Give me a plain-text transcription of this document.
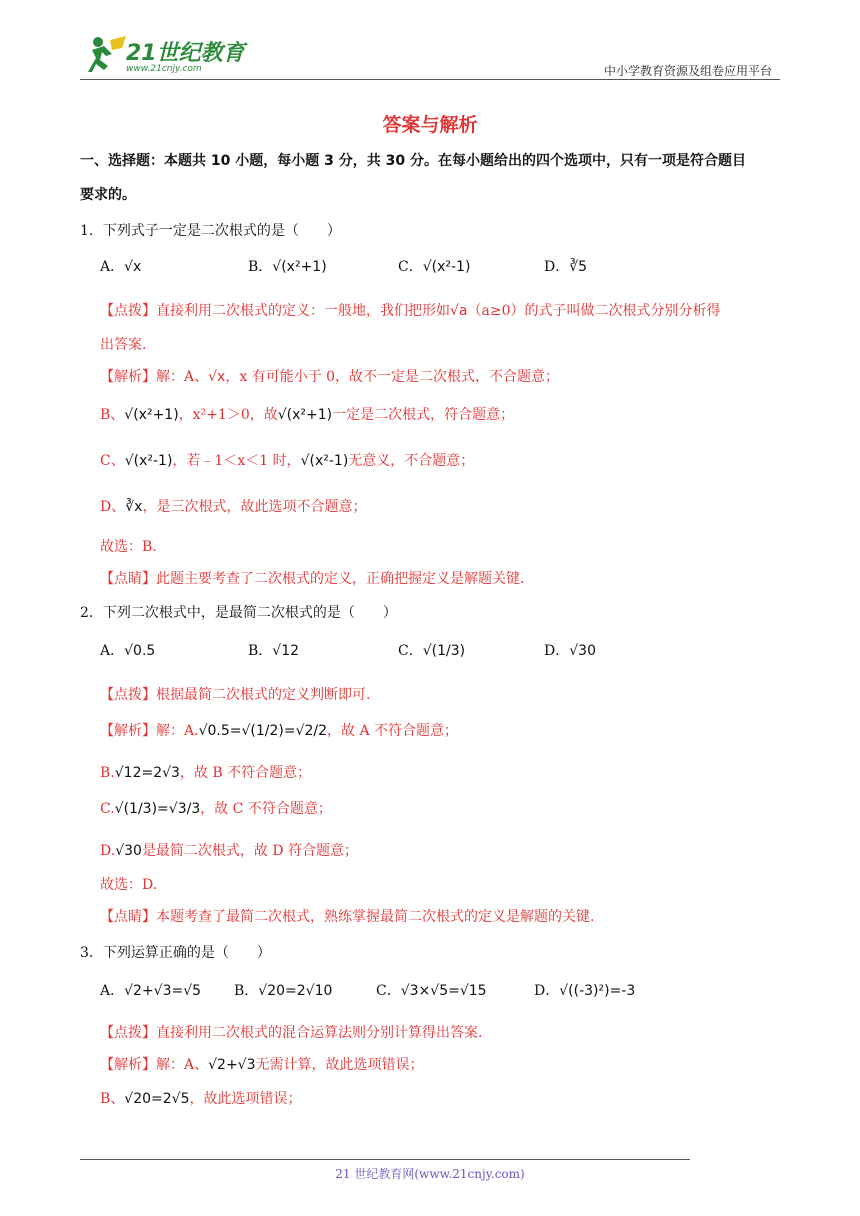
21世纪教育
www.21cnjy.com	中小学教育资源及组卷应用平台
答案与解析
一、选择题：本题共 10 小题，每小题 3 分，共 30 分。在每小题给出的四个选项中，只有一项是符合题目
要求的。
1．下列式子一定是二次根式的是（　　）
A．√x	B．√(x²+1)	C．√(x²-1)	D．∛5
【点拨】直接利用二次根式的定义：一般地，我们把形如√a（a≥0）的式子叫做二次根式分别分析得
出答案.
【解析】解：A、√x，x 有可能小于 0，故不一定是二次根式，不合题意；
B、√(x²+1)，x²+1＞0，故√(x²+1)一定是二次根式，符合题意；
C、√(x²-1)，若﹣1＜x＜1 时，√(x²-1)无意义，不合题意；
D、∛x，是三次根式，故此选项不合题意；
故选：B.
【点睛】此题主要考查了二次根式的定义，正确把握定义是解题关键.
2．下列二次根式中，是最简二次根式的是（　　）
A．√0.5	B．√12	C．√(1/3)	D．√30
【点拨】根据最简二次根式的定义判断即可.
【解析】解：A.√0.5=√(1/2)=√2/2，故 A 不符合题意；
B.√12=2√3，故 B 不符合题意；
C.√(1/3)=√3/3，故 C 不符合题意；
D.√30是最简二次根式，故 D 符合题意；
故选：D.
【点睛】本题考查了最简二次根式，熟练掌握最简二次根式的定义是解题的关键.
3．下列运算正确的是（　　）
A．√2+√3=√5 B．√20=2√10	C．√3×√5=√15	D．√((-3)²)=-3
【点拨】直接利用二次根式的混合运算法则分别计算得出答案.
【解析】解：A、√2+√3无需计算，故此选项错误；
B、√20=2√5，故此选项错误；
21 世纪教育网(www.21cnjy.com)
